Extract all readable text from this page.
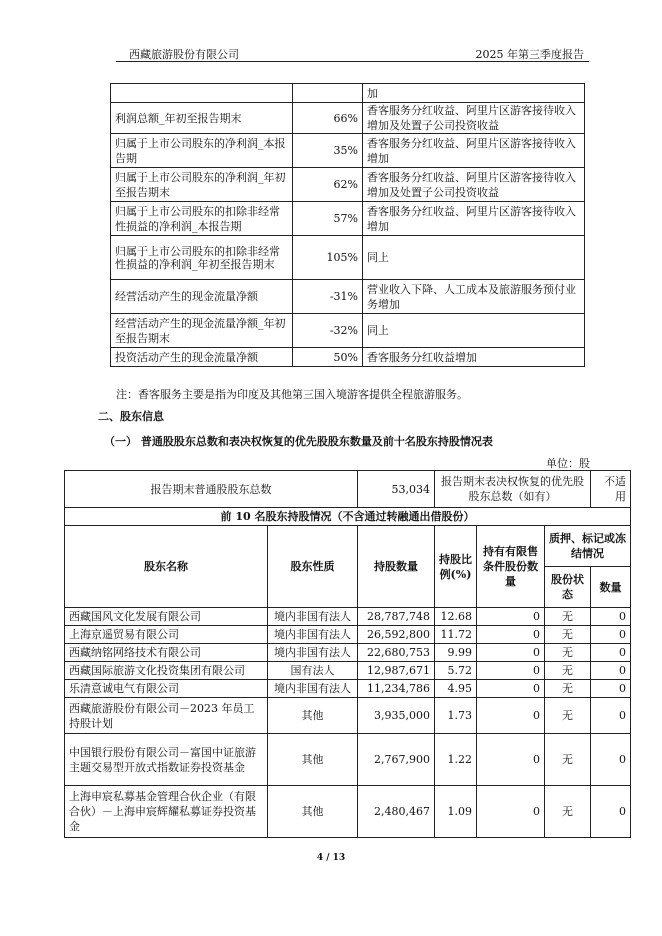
西藏旅游股份有限公司	2025 年第三季度报告
		加
利润总额_年初至报告期末	66%	香客服务分红收益、阿里片区游客接待收入增加及处置子公司投资收益
归属于上市公司股东的净利润_本报告期	35%	香客服务分红收益、阿里片区游客接待收入增加
归属于上市公司股东的净利润_年初至报告期末	62%	香客服务分红收益、阿里片区游客接待收入增加及处置子公司投资收益
归属于上市公司股东的扣除非经常性损益的净利润_本报告期	57%	香客服务分红收益、阿里片区游客接待收入增加
归属于上市公司股东的扣除非经常性损益的净利润_年初至报告期末	105%	同上
经营活动产生的现金流量净额	-31%	营业收入下降、人工成本及旅游服务预付业务增加
经营活动产生的现金流量净额_年初至报告期末	-32%	同上
投资活动产生的现金流量净额	50%	香客服务分红收益增加
注：香客服务主要是指为印度及其他第三国入境游客提供全程旅游服务。
二、股东信息
（一） 普通股股东总数和表决权恢复的优先股股东数量及前十名股东持股情况表
单位：股
报告期末普通股股东总数		53,034	报告期末表决权恢复的优先股股东总数（如有）			不适用
前 10 名股东持股情况（不含通过转融通出借股份）						
股东名称	股东性质	持股数量	持股比例(%)	持有有限售条件股份数量	质押、标记或冻结情况	
					股份状态	数量
西藏国风文化发展有限公司	境内非国有法人	28,787,748	12.68	0	无	0
上海京遥贸易有限公司	境内非国有法人	26,592,800	11.72	0	无	0
西藏纳铭网络技术有限公司	境内非国有法人	22,680,753	9.99	0	无	0
西藏国际旅游文化投资集团有限公司	国有法人	12,987,671	5.72	0	无	0
乐清意诚电气有限公司	境内非国有法人	11,234,786	4.95	0	无	0
西藏旅游股份有限公司－2023 年员工持股计划	其他	3,935,000	1.73	0	无	0
中国银行股份有限公司－富国中证旅游主题交易型开放式指数证券投资基金	其他	2,767,900	1.22	0	无	0
上海申宸私募基金管理合伙企业（有限合伙）－上海申宸辉耀私募证券投资基金	其他	2,480,467	1.09	0	无	0
4 / 13
